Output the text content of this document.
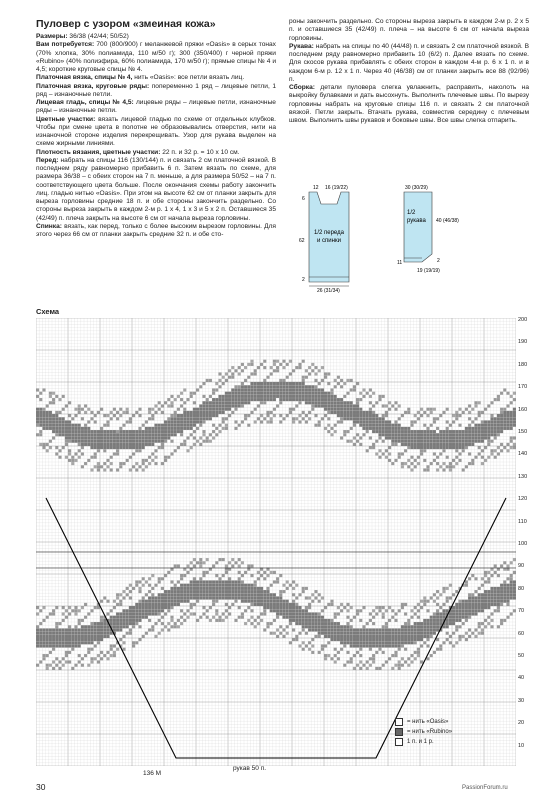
Пуловер с узором «змеиная кожа»

Размеры: 36/38 (42/44; 50/52)

Вам потребуется: 700 (800/900) г меланжевой пряжи «Oasis» в серых тонах (70% хлопка, 30% полиамида, 110 м/50 г); 300 (350/400) г черной пряжи «Rubino» (40% полиэфира, 60% полиамида, 170 м/50 г); прямые спицы № 4 и 4,5; короткие круговые спицы № 4.

Платочная вязка, спицы № 4, нить «Oasis»: все петли вязать лиц.

Платочная вязка, круговые ряды: попеременно 1 ряд – лицевые петли, 1 ряд – изнаночные петли.

Лицевая гладь, спицы № 4,5: лицевые ряды – лицевые петли, изнаночные ряды – изнаночные петли.

Цветные участки: вязать лицевой гладью по схеме от отдельных клубков. Чтобы при смене цвета в полотне не образовывались отверстия, нити на изнаночной стороне изделия перекрещивать. Узор для рукава выделен на схеме жирными линиями.

Плотность вязания, цветные участки: 22 п. и 32 р. = 10 х 10 см.

Перед: набрать на спицы 116 (130/144) п. и связать 2 см платочной вязкой. В последнем ряду равномерно прибавить 6 п. Затем вязать по схеме, для размера 36/38 – с обеих сторон на 7 п. меньше, а для размера 50/52 – на 7 п. соответствующего цвета больше. После окончания схемы работу закончить лиц. гладью нитью «Oasis». При этом на высоте 62 см от планки закрыть для выреза горловины средние 18 п. и обе стороны закончить раздельно. Со стороны выреза закрыть в каждом 2-м р. 1 х 4, 1 х 3 и 5 х 2 п. Оставшиеся 35 (42/49) п. плеча закрыть на высоте 6 см от начала выреза горловины.

Спинка: вязать, как перед, только с более высоким вырезом горловины. Для этого через 66 см от планки закрыть средние 32 п. и обе сто-

роны закончить раздельно. Со стороны выреза закрыть в каждом 2-м р. 2 х 5 п. и оставшиеся 35 (42/49) п. плеча – на высоте 6 см от начала выреза горловины.

Рукава: набрать на спицы по 40 (44/48) п. и связать 2 см платочной вязкой. В последнем ряду равномерно прибавить 10 (6/2) п. Далее вязать по схеме. Для скосов рукава прибавлять с обеих сторон в каждом 4-м р. 6 х 1 п. и в каждом 6-м р. 12 х 1 п. Через 40 (46/38) см от планки закрыть все 88 (92/96) п.

Сборка: детали пуловера слегка увлажнить, расправить, наколоть на выкройку булавками и дать высохнуть. Выполнить плечевые швы. По вырезу горловины набрать на круговые спицы 116 п. и связать 2 см платочной вязкой. Петли закрыть. Втачать рукава, совместив середину с плечевым швом. Выполнить швы рукавов и боковые швы. Все швы слегка отпарить.

1/2 переда
и спинки
12 16 (19/22)
6
62
2
26 (31/34)
1/2
рукава
30 (30/29)
40 (46/38)
11
19 (19/19)
2
Схема
200
190
180
170
160
150
140
130
120
110
100
90
80
70
60
50
40
30
20
10
= нить «Oasis»
= нить «Rubino»
1 п. и 1 р.
136 М
рукав 50 п.
30	PassionForum.ru
